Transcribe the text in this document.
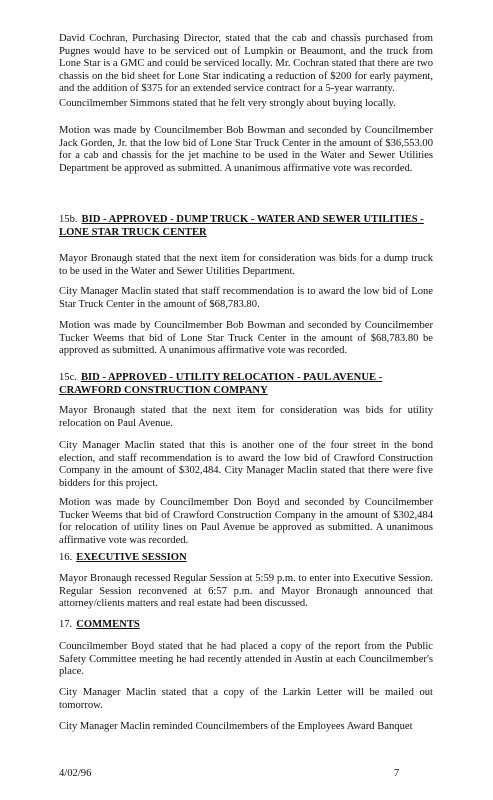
David Cochran, Purchasing Director, stated that the cab and chassis purchased from Pugnes would have to be serviced out of Lumpkin or Beaumont, and the truck from Lone Star is a GMC and could be serviced locally. Mr. Cochran stated that there are two chassis on the bid sheet for Lone Star indicating a reduction of $200 for early payment, and the addition of $375 for an extended service contract for a 5-year warranty.

Councilmember Simmons stated that he felt very strongly about buying locally.

Motion was made by Councilmember Bob Bowman and seconded by Councilmember Jack Gorden, Jr. that the low bid of Lone Star Truck Center in the amount of $36,553.00 for a cab and chassis for the jet machine to be used in the Water and Sewer Utilities Department be approved as submitted. A unanimous affirmative vote was recorded.

15b. BID - APPROVED - DUMP TRUCK - WATER AND SEWER UTILITIES - LONE STAR TRUCK CENTER

Mayor Bronaugh stated that the next item for consideration was bids for a dump truck to be used in the Water and Sewer Utilities Department.

City Manager Maclin stated that staff recommendation is to award the low bid of Lone Star Truck Center in the amount of $68,783.80.

Motion was made by Councilmember Bob Bowman and seconded by Councilmember Tucker Weems that bid of Lone Star Truck Center in the amount of $68,783.80 be approved as submitted. A unanimous affirmative vote was recorded.

15c. BID - APPROVED - UTILITY RELOCATION - PAUL AVENUE - CRAWFORD CONSTRUCTION COMPANY

Mayor Bronaugh stated that the next item for consideration was bids for utility relocation on Paul Avenue.

City Manager Maclin stated that this is another one of the four street in the bond election, and staff recommendation is to award the low bid of Crawford Construction Company in the amount of $302,484. City Manager Maclin stated that there were five bidders for this project.

Motion was made by Councilmember Don Boyd and seconded by Councilmember Tucker Weems that bid of Crawford Construction Company in the amount of $302,484 for relocation of utility lines on Paul Avenue be approved as submitted. A unanimous affirmative vote was recorded.

16. EXECUTIVE SESSION

Mayor Bronaugh recessed Regular Session at 5:59 p.m. to enter into Executive Session. Regular Session reconvened at 6:57 p.m. and Mayor Bronaugh announced that attorney/clients matters and real estate had been discussed.

17. COMMENTS

Councilmember Boyd stated that he had placed a copy of the report from the Public Safety Committee meeting he had recently attended in Austin at each Councilmember's place.

City Manager Maclin stated that a copy of the Larkin Letter will be mailed out tomorrow.

City Manager Maclin reminded Councilmembers of the Employees Award Banquet

4/02/96	7
